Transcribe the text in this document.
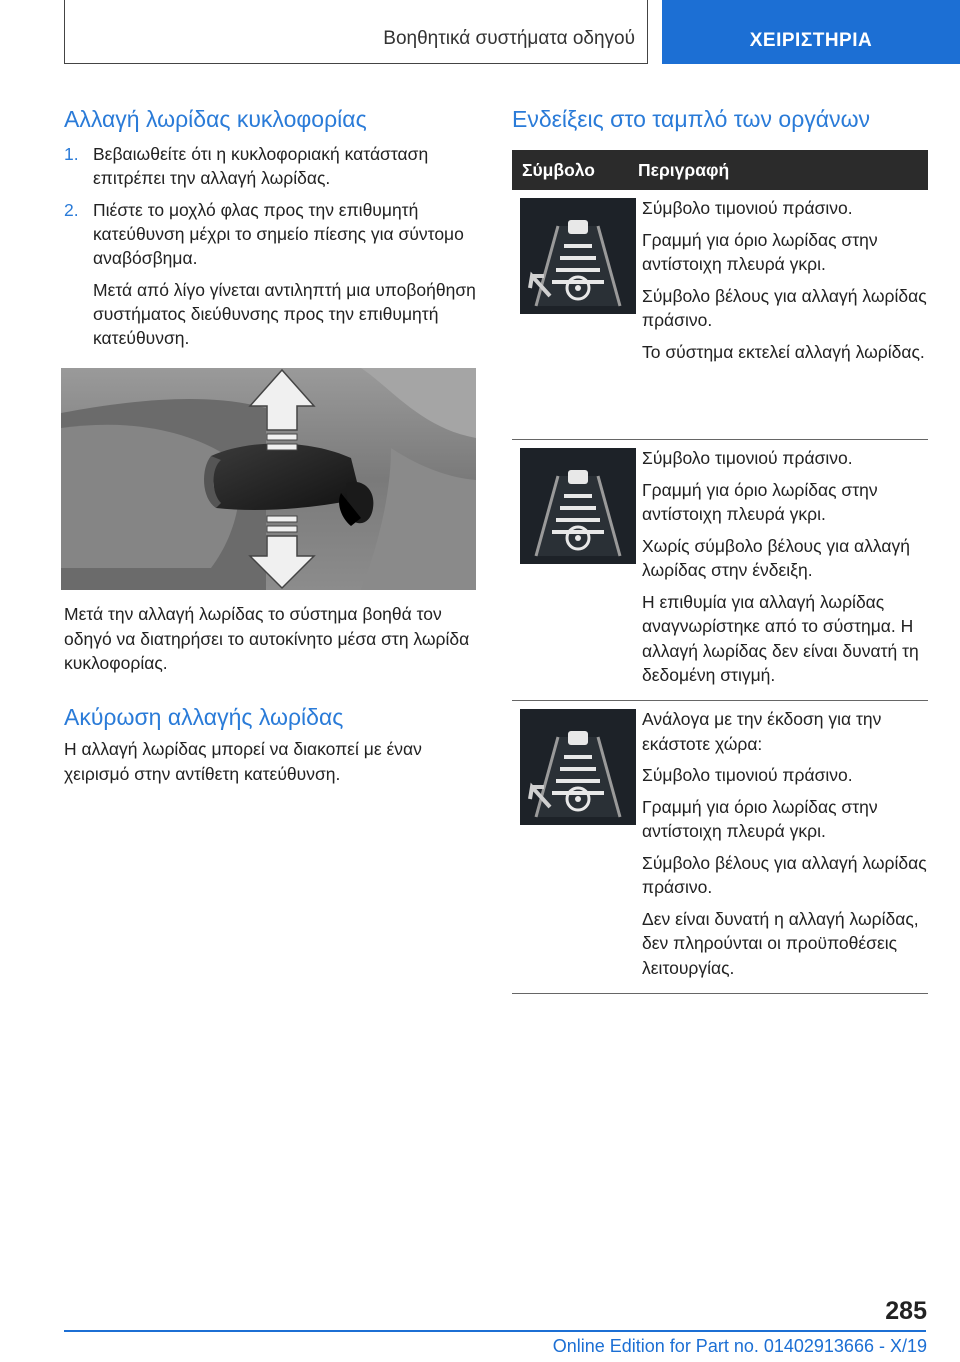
Βοηθητικά συστήματα οδηγού	ΧΕΙΡΙΣΤΗΡΙΑ
Αλλαγή λωρίδας κυκλοφορίας
1. Βεβαιωθείτε ότι η κυκλοφοριακή κατάσταση επιτρέπει την αλλαγή λωρίδας.
2. Πιέστε το μοχλό φλας προς την επιθυμητή κατεύθυνση μέχρι το σημείο πίεσης για σύντομο αναβόσβημα.

Μετά από λίγο γίνεται αντιληπτή μια υποβοήθηση συστήματος διεύθυνσης προς την επιθυμητή κατεύθυνση.

Μετά την αλλαγή λωρίδας το σύστημα βοηθά τον οδηγό να διατηρήσει το αυτοκίνητο μέσα στη λωρίδα κυκλοφορίας.

Ακύρωση αλλαγής λωρίδας

Η αλλαγή λωρίδας μπορεί να διακοπεί με έναν χειρισμό στην αντίθετη κατεύθυνση.

Ενδείξεις στο ταμπλό των οργάνων
Σύμβολο	Περιγραφή

Σύμβολο τιμονιού πράσινο.

Γραμμή για όριο λωρίδας στην αντίστοιχη πλευρά γκρι.

Σύμβολο βέλους για αλλαγή λωρίδας πράσινο.

Το σύστημα εκτελεί αλλαγή λωρίδας.

Σύμβολο τιμονιού πράσινο.

Γραμμή για όριο λωρίδας στην αντίστοιχη πλευρά γκρι.

Χωρίς σύμβολο βέλους για αλλαγή λωρίδας στην ένδειξη.

Η επιθυμία για αλλαγή λωρίδας αναγνωρίστηκε από το σύστημα. Η αλλαγή λωρίδας δεν είναι δυνατή τη δεδομένη στιγμή.

Ανάλογα με την έκδοση για την εκάστοτε χώρα:

Σύμβολο τιμονιού πράσινο.

Γραμμή για όριο λωρίδας στην αντίστοιχη πλευρά γκρι.

Σύμβολο βέλους για αλλαγή λωρίδας πράσινο.

Δεν είναι δυνατή η αλλαγή λωρίδας, δεν πληρούνται οι προϋποθέσεις λειτουργίας.

285
Online Edition for Part no. 01402913666 - X/19
